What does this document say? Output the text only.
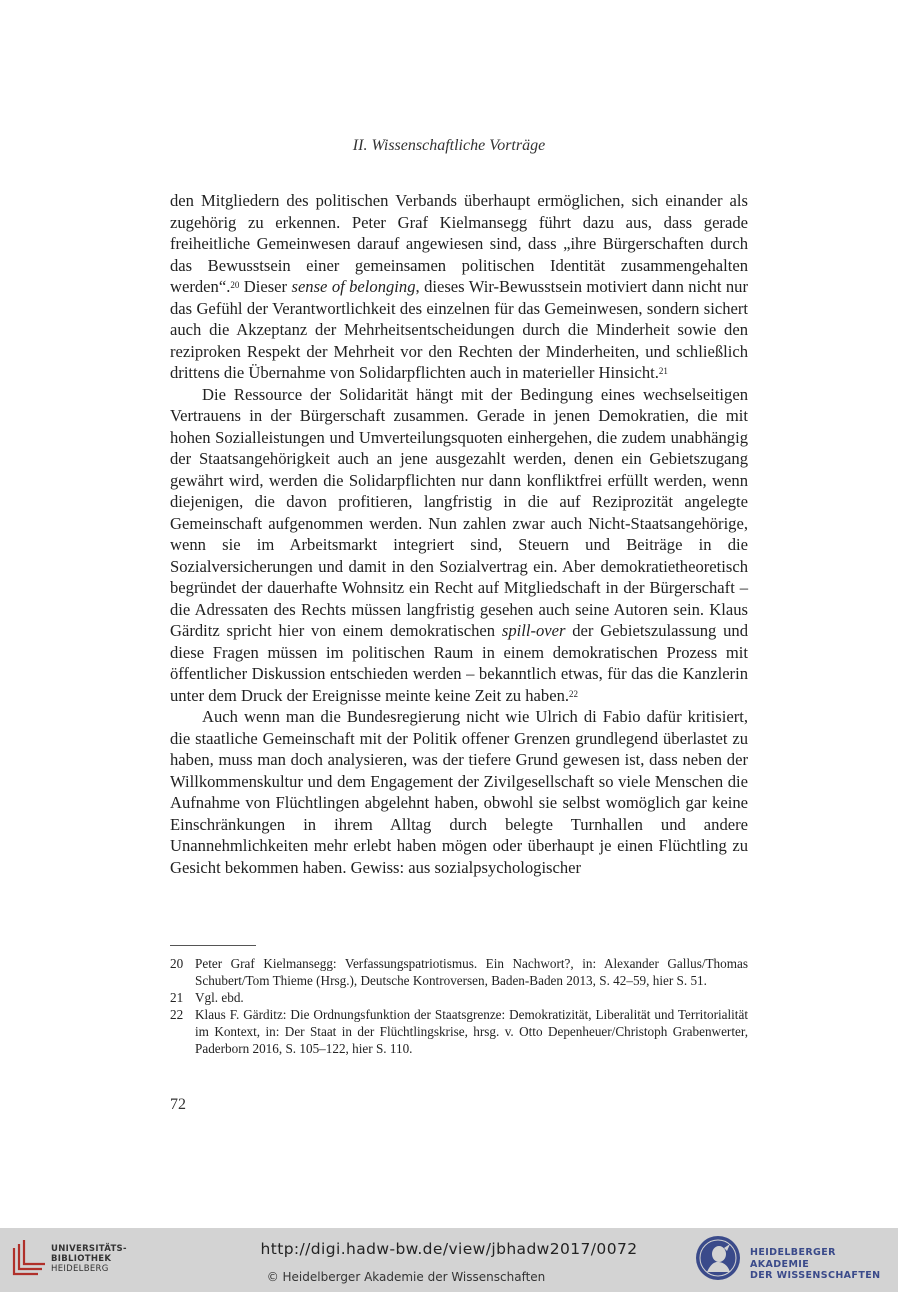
II. Wissenschaftliche Vorträge

den Mitgliedern des politischen Verbands überhaupt ermöglichen, sich einander als zugehörig zu erkennen. Peter Graf Kielmansegg führt dazu aus, dass gerade freiheitliche Gemeinwesen darauf angewiesen sind, dass „ihre Bürgerschaften durch das Bewusstsein einer gemeinsamen politischen Identität zusammengehalten werden“.$^{20}$ Dieser sense of belonging, dieses Wir-Bewusstsein motiviert dann nicht nur das Gefühl der Verantwortlichkeit des einzelnen für das Gemeinwesen, sondern sichert auch die Akzeptanz der Mehrheitsentscheidungen durch die Minderheit sowie den reziproken Respekt der Mehrheit vor den Rechten der Minderheiten, und schließlich drittens die Übernahme von Solidarpflichten auch in materieller Hinsicht.$^{21}$

Die Ressource der Solidarität hängt mit der Bedingung eines wechselseitigen Vertrauens in der Bürgerschaft zusammen. Gerade in jenen Demokratien, die mit hohen Sozialleistungen und Umverteilungsquoten einhergehen, die zudem unabhängig der Staatsangehörigkeit auch an jene ausgezahlt werden, denen ein Gebietszugang gewährt wird, werden die Solidarpflichten nur dann konfliktfrei erfüllt werden, wenn diejenigen, die davon profitieren, langfristig in die auf Reziprozität angelegte Gemeinschaft aufgenommen werden. Nun zahlen zwar auch Nicht-Staatsangehörige, wenn sie im Arbeitsmarkt integriert sind, Steuern und Beiträge in die Sozialversicherungen und damit in den Sozialvertrag ein. Aber demokratietheoretisch begründet der dauerhafte Wohnsitz ein Recht auf Mitgliedschaft in der Bürgerschaft – die Adressaten des Rechts müssen langfristig gesehen auch seine Autoren sein. Klaus Gärditz spricht hier von einem demokratischen spill-over der Gebietszulassung und diese Fragen müssen im politischen Raum in einem demokratischen Prozess mit öffentlicher Diskussion entschieden werden – bekanntlich etwas, für das die Kanzlerin unter dem Druck der Ereignisse meinte keine Zeit zu haben.$^{22}$

Auch wenn man die Bundesregierung nicht wie Ulrich di Fabio dafür kritisiert, die staatliche Gemeinschaft mit der Politik offener Grenzen grundlegend überlastet zu haben, muss man doch analysieren, was der tiefere Grund gewesen ist, dass neben der Willkommenskultur und dem Engagement der Zivilgesellschaft so viele Menschen die Aufnahme von Flüchtlingen abgelehnt haben, obwohl sie selbst womöglich gar keine Einschränkungen in ihrem Alltag durch belegte Turnhallen und andere Unannehmlichkeiten mehr erlebt haben mögen oder überhaupt je einen Flüchtling zu Gesicht bekommen haben. Gewiss: aus sozialpsychologischer

20 Peter Graf Kielmansegg: Verfassungspatriotismus. Ein Nachwort?, in: Alexander Gallus/Thomas Schubert/Tom Thieme (Hrsg.), Deutsche Kontroversen, Baden-Baden 2013, S. 42–59, hier S. 51.
21 Vgl. ebd.
22 Klaus F. Gärditz: Die Ordnungsfunktion der Staatsgrenze: Demokratizität, Liberalität und Territorialität im Kontext, in: Der Staat in der Flüchtlingskrise, hrsg. v. Otto Depenheuer/Christoph Grabenwerter, Paderborn 2016, S. 105–122, hier S. 110.
72
UNIVERSITÄTS-
BIBLIOTHEK
HEIDELBERG
http://digi.hadw-bw.de/view/jbhadw2017/0072
© Heidelberger Akademie der Wissenschaften
HEIDELBERGER AKADEMIE
DER WISSENSCHAFTEN
